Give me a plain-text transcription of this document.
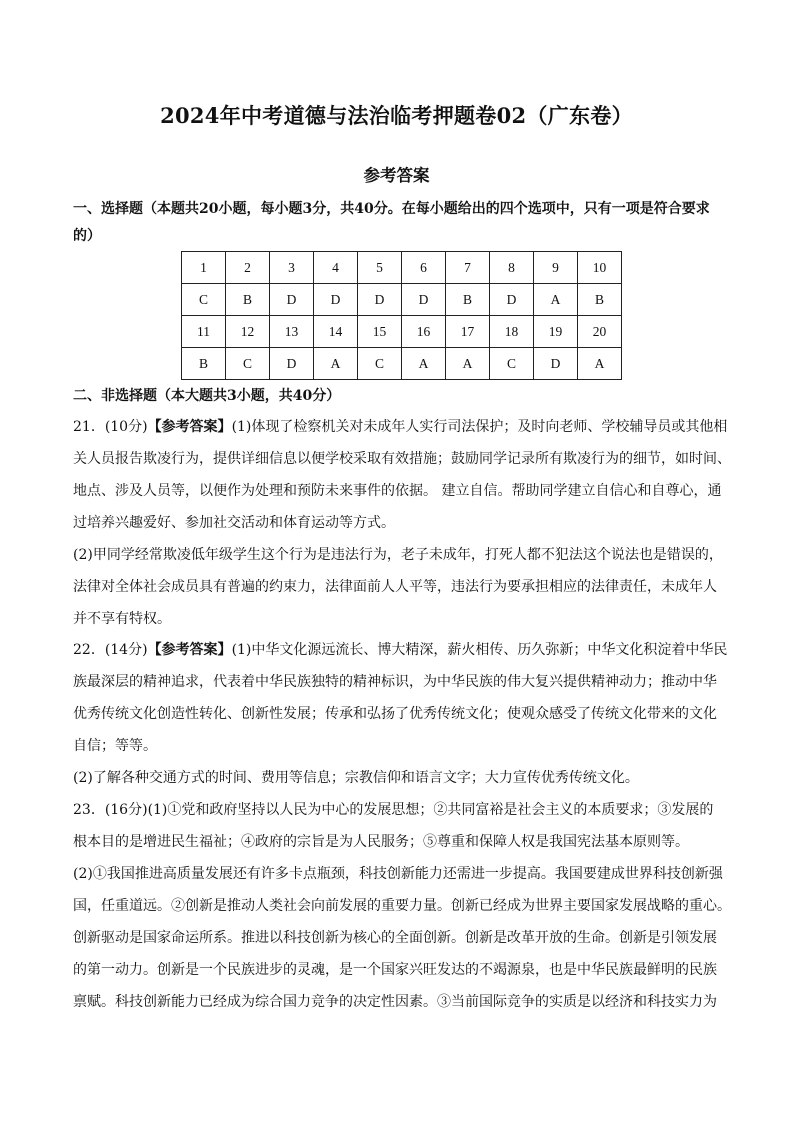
2024年中考道德与法治临考押题卷02（广东卷）
参考答案
一、选择题（本题共20小题，每小题3分，共40分。在每小题给出的四个选项中，只有一项是符合要求的）
1	2	3	4	5	6	7	8	9	10
C	B	D	D	D	D	B	D	A	B
11	12	13	14	15	16	17	18	19	20
B	C	D	A	C	A	A	C	D	A
二、非选择题（本大题共3小题，共40分）
21．(10分)【参考答案】(1)体现了检察机关对未成年人实行司法保护；及时向老师、学校辅导员或其他相
关人员报告欺凌行为，提供详细信息以便学校采取有效措施；鼓励同学记录所有欺凌行为的细节，如时间、
地点、涉及人员等，以便作为处理和预防未来事件的依据。 建立自信。帮助同学建立自信心和自尊心，通
过培养兴趣爱好、参加社交活动和体育运动等方式。
(2)甲同学经常欺凌低年级学生这个行为是违法行为，老子未成年，打死人都不犯法这个说法也是错误的，
法律对全体社会成员具有普遍的约束力，法律面前人人平等，违法行为要承担相应的法律责任，未成年人
并不享有特权。
22．(14分)【参考答案】(1)中华文化源远流长、博大精深，薪火相传、历久弥新；中华文化积淀着中华民
族最深层的精神追求，代表着中华民族独特的精神标识，为中华民族的伟大复兴提供精神动力；推动中华
优秀传统文化创造性转化、创新性发展；传承和弘扬了优秀传统文化；使观众感受了传统文化带来的文化
自信；等等。
(2)了解各种交通方式的时间、费用等信息；宗教信仰和语言文字；大力宣传优秀传统文化。
23．(16分)(1)①党和政府坚持以人民为中心的发展思想；②共同富裕是社会主义的本质要求；③发展的
根本目的是增进民生福祉；④政府的宗旨是为人民服务；⑤尊重和保障人权是我国宪法基本原则等。
(2)①我国推进高质量发展还有许多卡点瓶颈，科技创新能力还需进一步提高。我国要建成世界科技创新强
国，任重道远。②创新是推动人类社会向前发展的重要力量。创新已经成为世界主要国家发展战略的重心。
创新驱动是国家命运所系。推进以科技创新为核心的全面创新。创新是改革开放的生命。创新是引领发展
的第一动力。创新是一个民族进步的灵魂，是一个国家兴旺发达的不竭源泉，也是中华民族最鲜明的民族
禀赋。科技创新能力已经成为综合国力竞争的决定性因素。③当前国际竞争的实质是以经济和科技实力为
